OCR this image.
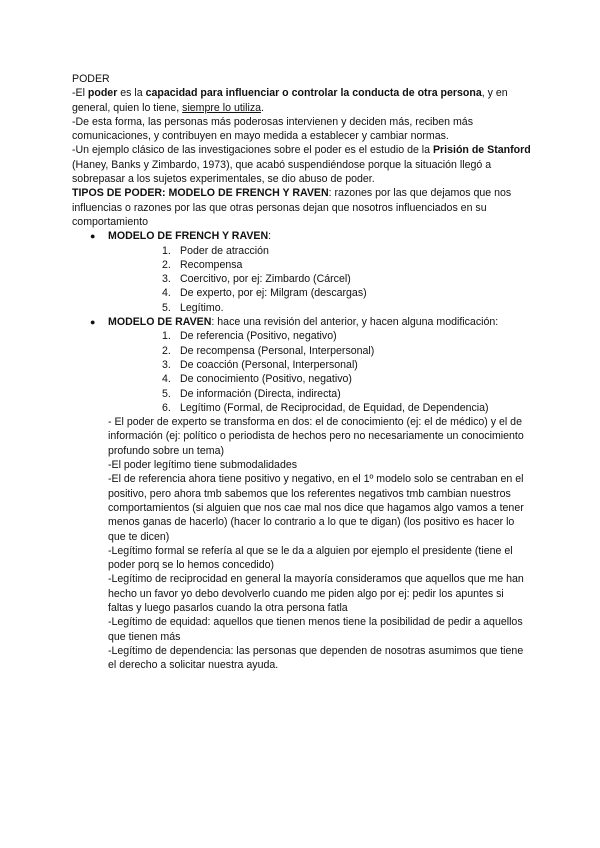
PODER

-El poder es la capacidad para influenciar o controlar la conducta de otra persona, y en general, quien lo tiene, siempre lo utiliza.

-De esta forma, las personas más poderosas intervienen y deciden más, reciben más comunicaciones, y contribuyen en mayo medida a establecer y cambiar normas.

-Un ejemplo clásico de las investigaciones sobre el poder es el estudio de la Prisión de Stanford (Haney, Banks y Zimbardo, 1973), que acabó suspendiéndose porque la situación llegó a sobrepasar a los sujetos experimentales, se dio abuso de poder.

TIPOS DE PODER: MODELO DE FRENCH Y RAVEN: razones por las que dejamos que nos influencias o razones por las que otras personas dejan que nosotros influenciados en su comportamiento

● MODELO DE FRENCH Y RAVEN:
1. Poder de atracción
2. Recompensa
3. Coercitivo, por ej: Zimbardo (Cárcel)
4. De experto, por ej: Milgram (descargas)
5. Legítimo.
● MODELO DE RAVEN: hace una revisión del anterior, y hacen alguna modificación:
1. De referencia (Positivo, negativo)
2. De recompensa (Personal, Interpersonal)
3. De coacción (Personal, Interpersonal)
4. De conocimiento (Positivo, negativo)
5. De información (Directa, indirecta)
6. Legítimo (Formal, de Reciprocidad, de Equidad, de Dependencia)

- El poder de experto se transforma en dos: el de conocimiento (ej: el de médico) y el de información (ej: político o periodista de hechos pero no necesariamente un conocimiento profundo sobre un tema)

-El poder legítimo tiene submodalidades

-El de referencia ahora tiene positivo y negativo, en el 1º modelo solo se centraban en el positivo, pero ahora tmb sabemos que los referentes negativos tmb cambian nuestros comportamientos (si alguien que nos cae mal nos dice que hagamos algo vamos a tener menos ganas de hacerlo) (hacer lo contrario a lo que te digan) (los positivo es hacer lo que te dicen)

-Legítimo formal se refería al que se le da a alguien por ejemplo el presidente (tiene el poder porq se lo hemos concedido)

-Legítimo de reciprocidad en general la mayoría consideramos que aquellos que me han hecho un favor yo debo devolverlo cuando me piden algo por ej: pedir los apuntes si faltas y luego pasarlos cuando la otra persona fatla

-Legítimo de equidad: aquellos que tienen menos tiene la posibilidad de pedir a aquellos que tienen más

-Legítimo de dependencia: las personas que dependen de nosotras asumimos que tiene el derecho a solicitar nuestra ayuda.
